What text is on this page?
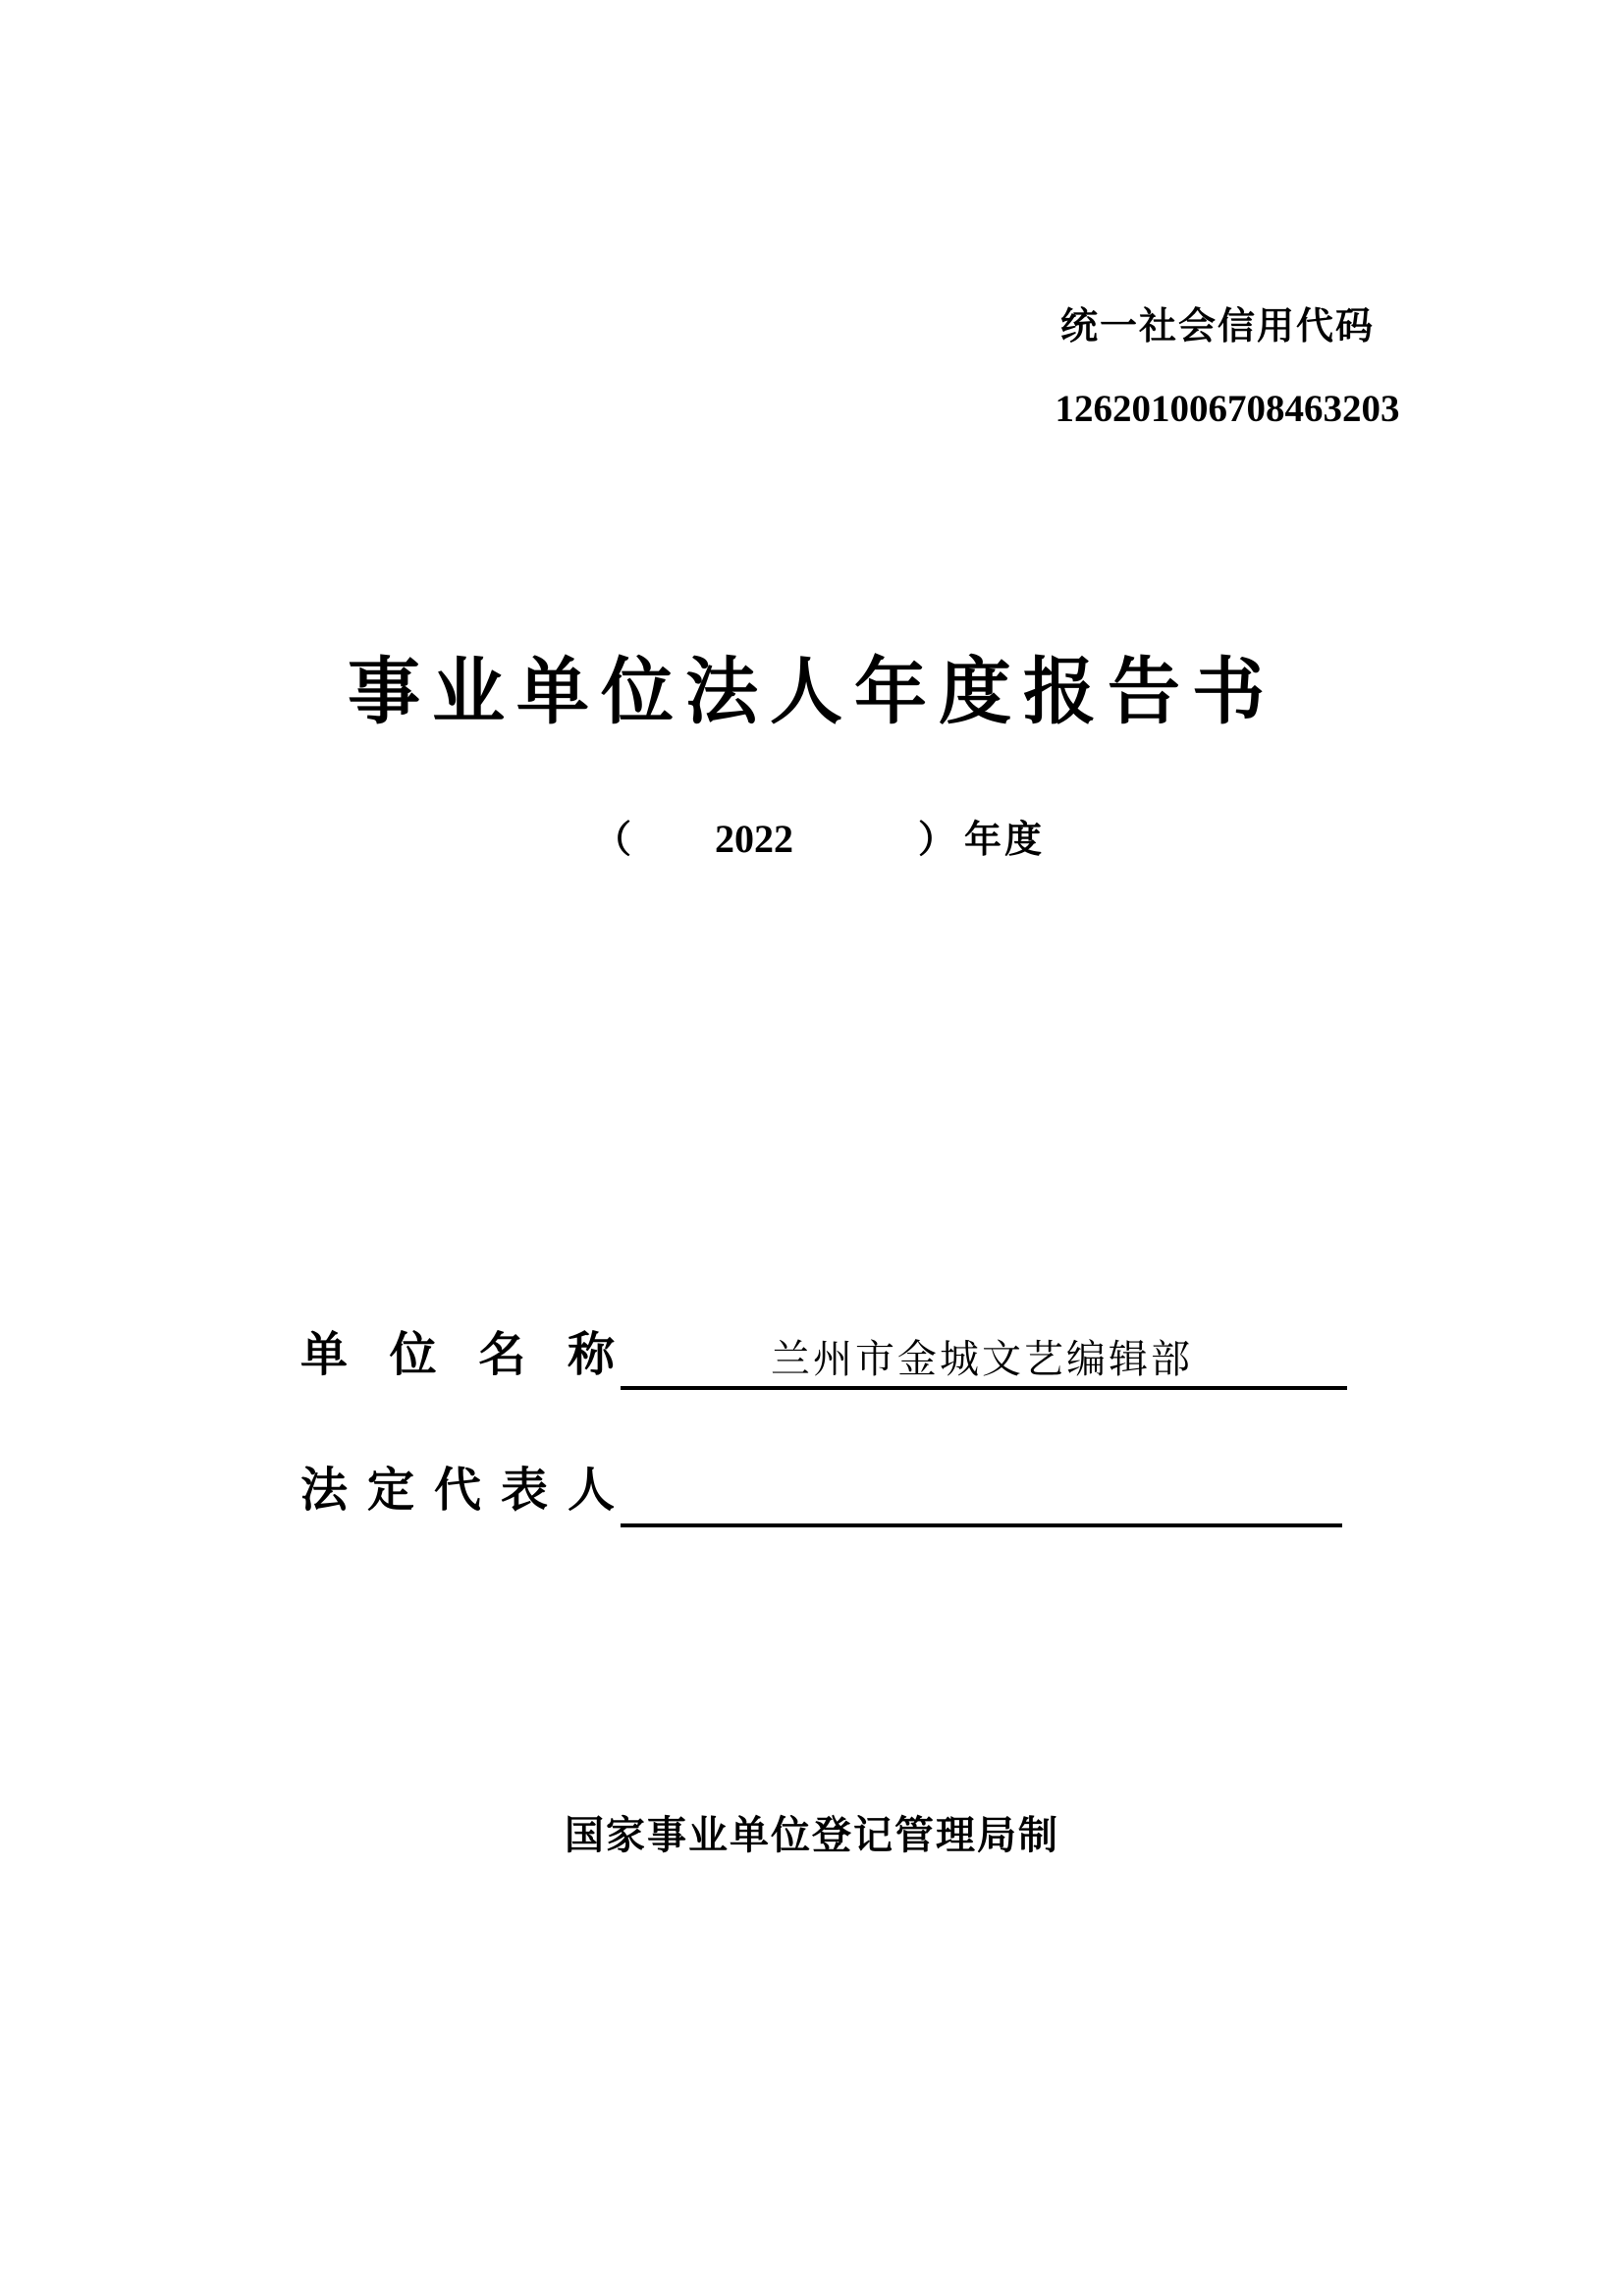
统一社会信用代码
126201006708463203
事业单位法人年度报告书
（ 2022	） 年度
单 位 名 称	兰州市金城文艺编辑部
法 定 代 表 人
国家事业单位登记管理局制
